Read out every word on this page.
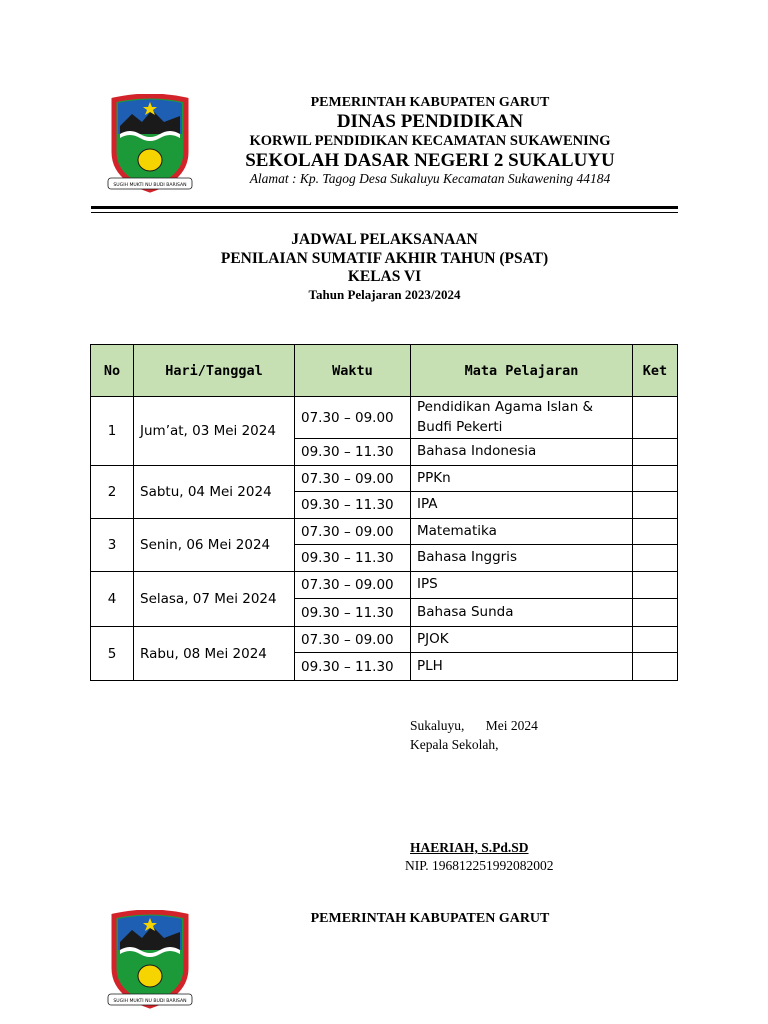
SUGIH MUKTI NU BUDI BARISAN
PEMERINTAH KABUPATEN GARUT
DINAS PENDIDIKAN
KORWIL PENDIDIKAN KECAMATAN SUKAWENING
SEKOLAH DASAR NEGERI 2 SUKALUYU
Alamat : Kp. Tagog Desa Sukaluyu Kecamatan Sukawening 44184
JADWAL PELAKSANAAN
PENILAIAN SUMATIF AKHIR TAHUN (PSAT)
KELAS VI
Tahun Pelajaran 2023/2024
No	Hari/Tanggal	Waktu	Mata Pelajaran	Ket
1	Jum’at, 03 Mei 2024	07.30 – 09.00	Pendidikan Agama Islan & Budfi Pekerti	
		09.30 – 11.30	Bahasa Indonesia	
2	Sabtu, 04 Mei 2024	07.30 – 09.00	PPKn	
		09.30 – 11.30	IPA	
3	Senin, 06 Mei 2024	07.30 – 09.00	Matematika	
		09.30 – 11.30	Bahasa Inggris	
4	Selasa, 07 Mei 2024	07.30 – 09.00	IPS	
		09.30 – 11.30	Bahasa Sunda	
5	Rabu, 08 Mei 2024	07.30 – 09.00	PJOK	
		09.30 – 11.30	PLH	
Sukaluyu, Mei 2024
Kepala Sekolah,
HAERIAH, S.Pd.SD
NIP. 196812251992082002
SUGIH MUKTI NU BUDI BARISAN
PEMERINTAH KABUPATEN GARUT
